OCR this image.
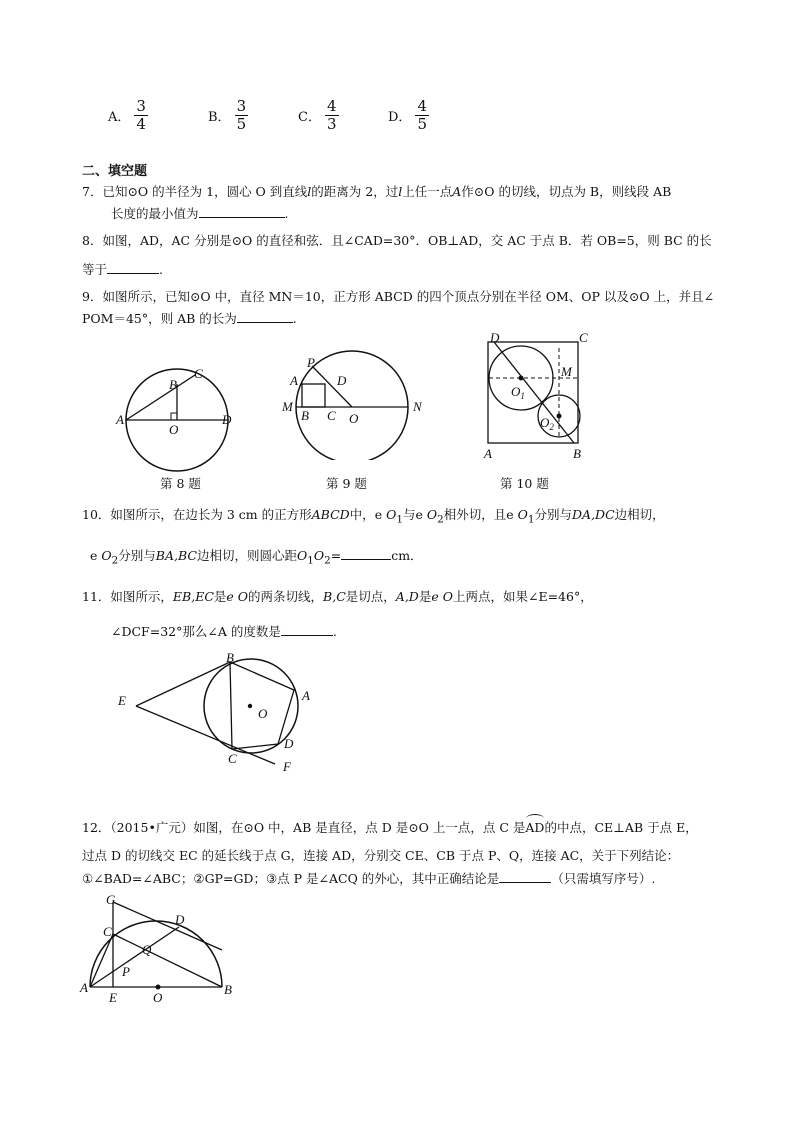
A． $\frac{3}{4}$	B． $\frac{3}{5}$	C． $\frac{4}{3}$	D． $\frac{4}{5}$
二、填空题
7．已知⊙O 的半径为 1，圆心 O 到直线l的距离为 2，过l上任一点A作⊙O 的切线，切点为 B，则线段 AB
长度的最小值为	.
8．如图，AD，AC 分别是⊙O 的直径和弦．且∠CAD=30°．OB⊥AD，交 AC 于点 B．若 OB=5，则 BC 的长
等于	.
9．如图所示，已知⊙O 中，直径 MN＝10，正方形 ABCD 的四个顶点分别在半径 OM、OP 以及⊙O 上，并且∠
POM＝45°，则 AB 的长为	.
C
B
A	D
O
P
A	D
M
B C O
N
D	C
M
$O_1$
$O_2$
A	B
第 8 题	第 9 题	第 10 题
10．如图所示，在边长为 3 cm 的正方形ABCD中，e $O_1$与e $O_2$相外切，且e $O_1$分别与DA,DC边相切，
e $O_2$分别与BA,BC边相切，则圆心距$O_1O_2=$	cm．
11．如图所示，EB,EC是e O的两条切线，B,C是切点，A,D是e O上两点，如果∠E=46°，
∠DCF=32°那么∠A 的度数是	.
B
A
E
O
D
C
F
12．（2015•广元）如图，在⊙O 中，AB 是直径，点 D 是⊙O 上一点，点 C 是
AD的中点，CE⊥AB 于点 E，
过点 D 的切线交 EC 的延长线于点 G，连接 AD，分别交 CE、CB 于点 P、Q，连接 AC，关于下列结论：
①∠BAD=∠ABC；②GP=GD；③点 P 是∠ACQ 的外心，其中正确结论是	（只需填写序号）.
G
D
C
Q
P
A
E	O
B
